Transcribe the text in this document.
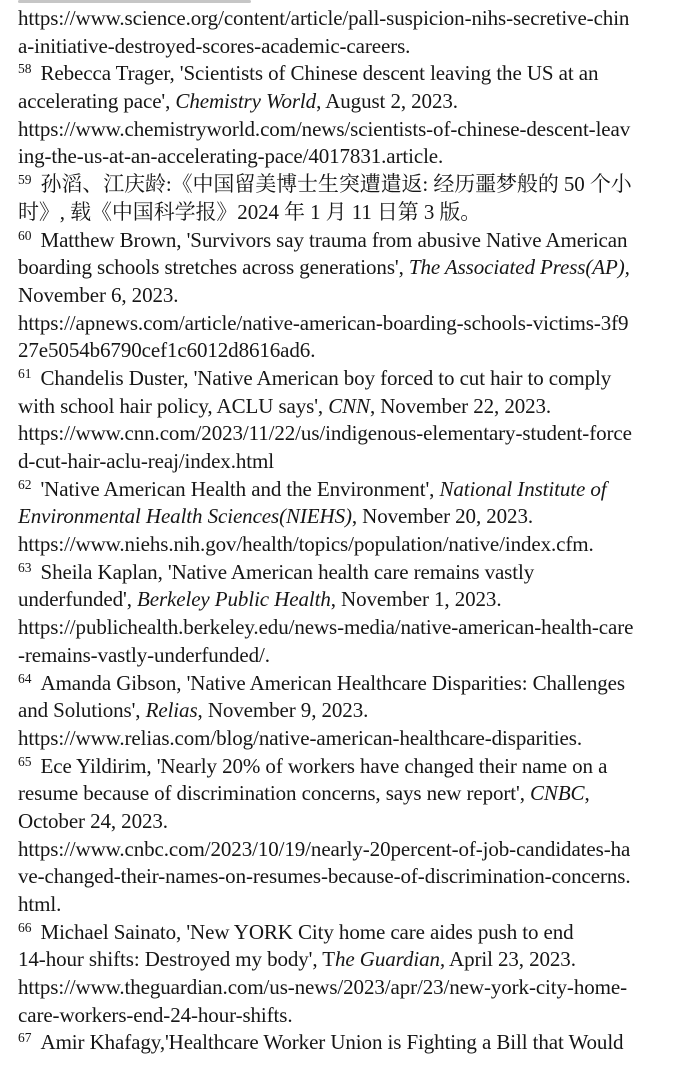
https://www.science.org/content/article/pall-suspicion-nihs-secretive-chin
a-initiative-destroyed-scores-academic-careers.
$^{58}$ Rebecca Trager, 'Scientists of Chinese descent leaving the US at an
accelerating pace', Chemistry World, August 2, 2023.
https://www.chemistryworld.com/news/scientists-of-chinese-descent-leav
ing-the-us-at-an-accelerating-pace/4017831.article.
$^{59}$ 孙滔、江庆龄:《中国留美博士生突遭遣返: 经历噩梦般的 50 个小
时》, 载《中国科学报》2024 年 1 月 11 日第 3 版。
$^{60}$ Matthew Brown, 'Survivors say trauma from abusive Native American
boarding schools stretches across generations', The Associated Press(AP),
November 6, 2023.
https://apnews.com/article/native-american-boarding-schools-victims-3f9
27e5054b6790cef1c6012d8616ad6.
$^{61}$ Chandelis Duster, 'Native American boy forced to cut hair to comply
with school hair policy, ACLU says', CNN, November 22, 2023.
https://www.cnn.com/2023/11/22/us/indigenous-elementary-student-force
d-cut-hair-aclu-reaj/index.html
$^{62}$ 'Native American Health and the Environment', National Institute of
Environmental Health Sciences(NIEHS), November 20, 2023.
https://www.niehs.nih.gov/health/topics/population/native/index.cfm.
$^{63}$ Sheila Kaplan, 'Native American health care remains vastly
underfunded', Berkeley Public Health, November 1, 2023.
https://publichealth.berkeley.edu/news-media/native-american-health-care
-remains-vastly-underfunded/.
$^{64}$ Amanda Gibson, 'Native American Healthcare Disparities: Challenges
and Solutions', Relias, November 9, 2023.
https://www.relias.com/blog/native-american-healthcare-disparities.
$^{65}$ Ece Yildirim, 'Nearly 20% of workers have changed their name on a
resume because of discrimination concerns, says new report', CNBC,
October 24, 2023.
https://www.cnbc.com/2023/10/19/nearly-20percent-of-job-candidates-ha
ve-changed-their-names-on-resumes-because-of-discrimination-concerns.
html.
$^{66}$ Michael Sainato, 'New YORK City home care aides push to end
14-hour shifts: Destroyed my body', The Guardian, April 23, 2023.
https://www.theguardian.com/us-news/2023/apr/23/new-york-city-home-
care-workers-end-24-hour-shifts.
$^{67}$ Amir Khafagy,'Healthcare Worker Union is Fighting a Bill that Would
